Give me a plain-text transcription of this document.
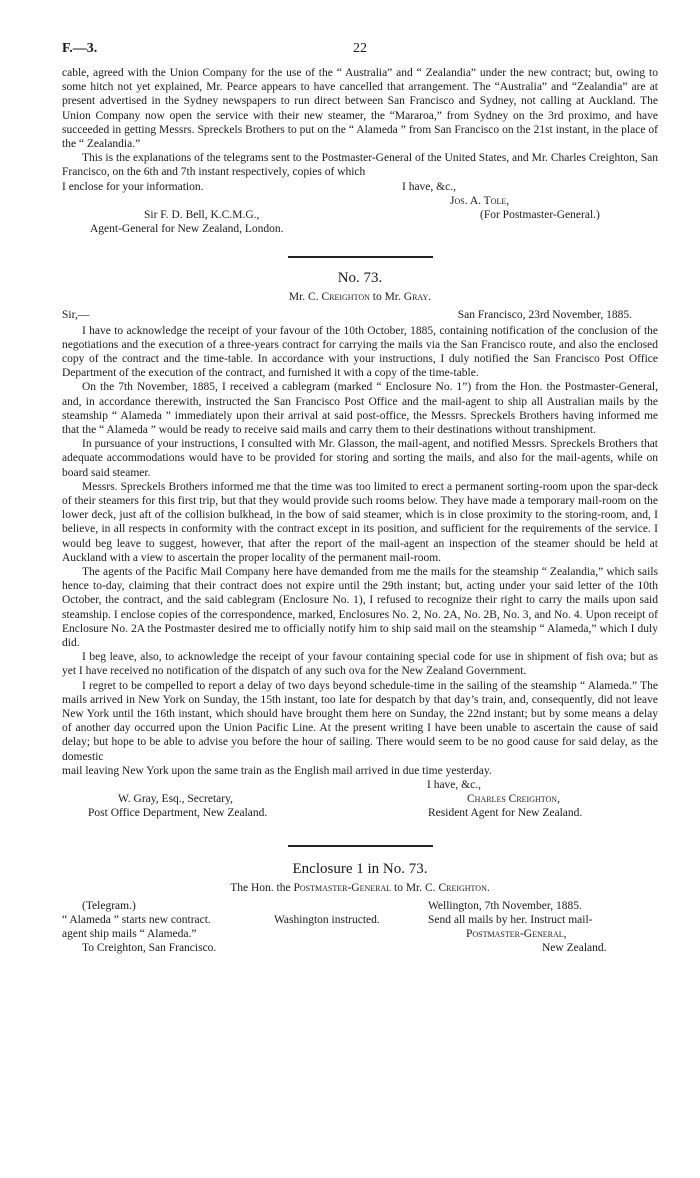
F.—3.	22

cable, agreed with the Union Company for the use of the “ Australia” and “ Zealandia” under the new contract; but, owing to some hitch not yet explained, Mr. Pearce appears to have cancelled that arrangement. The “Australia” and “Zealandia” are at present advertised in the Sydney newspapers to run direct between San Francisco and Sydney, not calling at Auckland. The Union Company now open the service with their new steamer, the “Mararoa,” from Sydney on the 3rd proximo, and have succeeded in getting Messrs. Spreckels Brothers to put on the “ Alameda ” from San Francisco on the 21st instant, in the place of the “ Zealandia.”

This is the explanations of the telegrams sent to the Postmaster-General of the United States, and Mr. Charles Creighton, San Francisco, on the 6th and 7th instant respectively, copies of which

I enclose for your information.	I have, &c.,
Jos. A. Tole,
Sir F. D. Bell, K.C.M.G.,	(For Postmaster-General.)
Agent-General for New Zealand, London.
No. 73.
Mr. C. Creighton to Mr. Gray.
Sir,—	San Francisco, 23rd November, 1885.

I have to acknowledge the receipt of your favour of the 10th October, 1885, containing notification of the conclusion of the negotiations and the execution of a three-years contract for carrying the mails via the San Francisco route, and also the enclosed copy of the contract and the time-table. In accordance with your instructions, I duly notified the San Francisco Post Office Department of the execution of the contract, and furnished it with a copy of the time-table.

On the 7th November, 1885, I received a cablegram (marked “ Enclosure No. 1”) from the Hon. the Postmaster-General, and, in accordance therewith, instructed the San Francisco Post Office and the mail-agent to ship all Australian mails by the steamship “ Alameda ” immediately upon their arrival at said post-office, the Messrs. Spreckels Brothers having informed me that the “ Alameda ” would be ready to receive said mails and carry them to their destinations without transhipment.

In pursuance of your instructions, I consulted with Mr. Glasson, the mail-agent, and notified Messrs. Spreckels Brothers that adequate accommodations would have to be provided for storing and sorting the mails, and also for the mail-agents, while on board said steamer.

Messrs. Spreckels Brothers informed me that the time was too limited to erect a permanent sorting-room upon the spar-deck of their steamers for this first trip, but that they would provide such rooms below. They have made a temporary mail-room on the lower deck, just aft of the collision bulkhead, in the bow of said steamer, which is in close proximity to the storing-room, and, I believe, in all respects in conformity with the contract except in its position, and sufficient for the requirements of the service. I would beg leave to suggest, however, that after the report of the mail-agent an inspection of the steamer should be held at Auckland with a view to ascertain the proper locality of the permanent mail-room.

The agents of the Pacific Mail Company here have demanded from me the mails for the steamship “ Zealandia,” which sails hence to-day, claiming that their contract does not expire until the 29th instant; but, acting under your said letter of the 10th October, the contract, and the said cablegram (Enclosure No. 1), I refused to recognize their right to carry the mails upon said steamship. I enclose copies of the correspondence, marked, Enclosures No. 2, No. 2A, No. 2B, No. 3, and No. 4. Upon receipt of Enclosure No. 2A the Postmaster desired me to officially notify him to ship said mail on the steamship “ Alameda,” which I duly did.

I beg leave, also, to acknowledge the receipt of your favour containing special code for use in shipment of fish ova; but as yet I have received no notification of the dispatch of any such ova for the New Zealand Government.

I regret to be compelled to report a delay of two days beyond schedule-time in the sailing of the steamship “ Alameda.” The mails arrived in New York on Sunday, the 15th instant, too late for despatch by that day’s train, and, consequently, did not leave New York until the 16th instant, which should have brought them here on Sunday, the 22nd instant; but by some means a delay of another day occurred upon the Union Pacific Line. At the present writing I have been unable to ascertain the cause of said delay; but hope to be able to advise you before the hour of sailing. There would seem to be no good cause for said delay, as the domestic

mail leaving New York upon the same train as the English mail arrived in due time yesterday.

I have, &c.,
W. Gray, Esq., Secretary,	Charles Creighton,
Post Office Department, New Zealand.	Resident Agent for New Zealand.
Enclosure 1 in No. 73.
The Hon. the Postmaster-General to Mr. C. Creighton.
(Telegram.)	Wellington, 7th November, 1885.
“ Alameda ” starts new contract.	Washington instructed.	Send all mails by her. Instruct mail-
agent ship mails “ Alameda.”	Postmaster-General,
To Creighton, San Francisco.	New Zealand.
